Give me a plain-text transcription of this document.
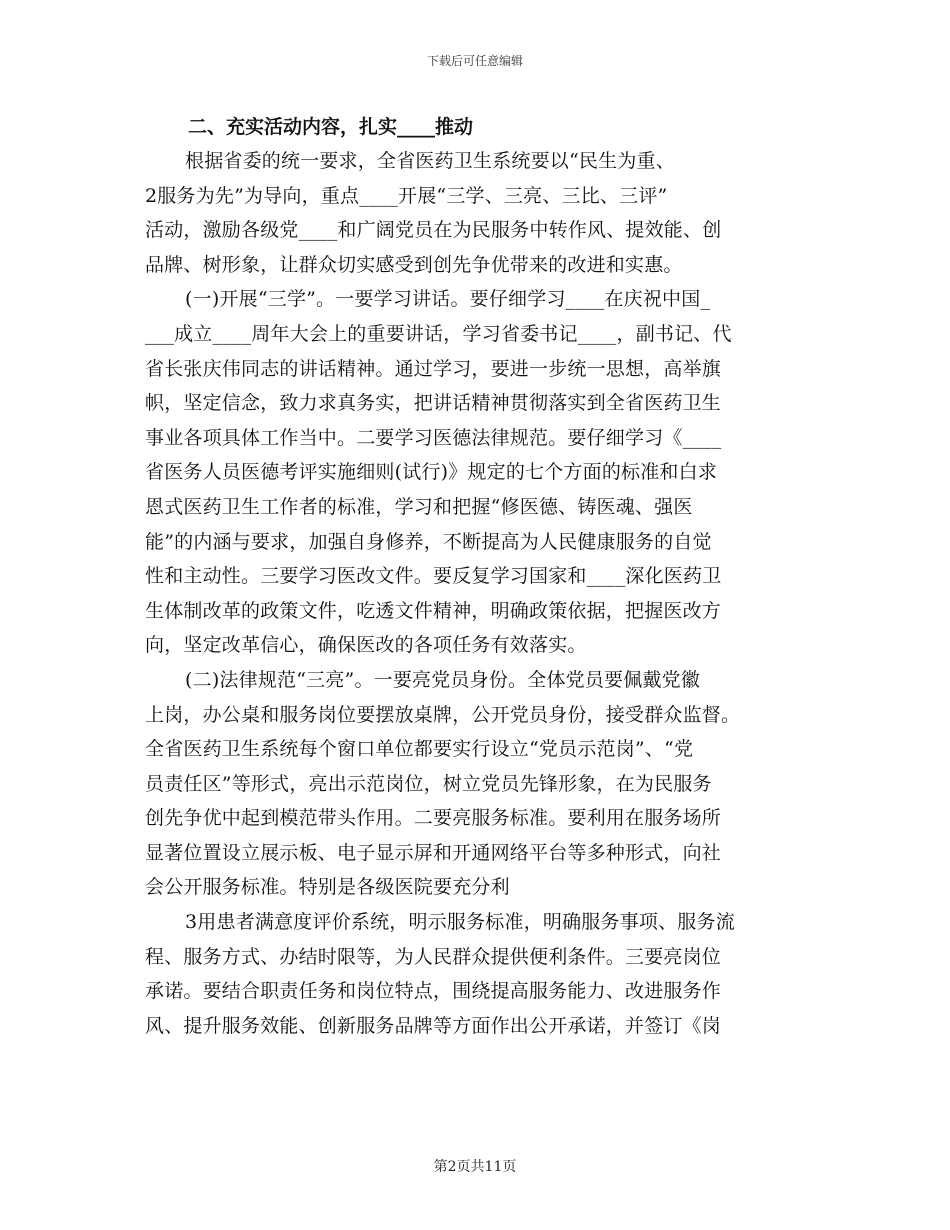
下载后可任意编辑
二、充实活动内容，扎实____推动
根据省委的统一要求，全省医药卫生系统要以“民生为重、
2服务为先”为导向，重点____开展“三学、三亮、三比、三评”
活动，激励各级党____和广阔党员在为民服务中转作风、提效能、创
品牌、树形象，让群众切实感受到创先争优带来的改进和实惠。
(一)开展“三学”。一要学习讲话。要仔细学习____在庆祝中国_
___成立____周年大会上的重要讲话，学习省委书记____，副书记、代
省长张庆伟同志的讲话精神。通过学习，要进一步统一思想，高举旗
帜，坚定信念，致力求真务实，把讲话精神贯彻落实到全省医药卫生
事业各项具体工作当中。二要学习医德法律规范。要仔细学习《____
省医务人员医德考评实施细则(试行)》规定的七个方面的标准和白求
恩式医药卫生工作者的标准，学习和把握“修医德、铸医魂、强医
能”的内涵与要求，加强自身修养，不断提高为人民健康服务的自觉
性和主动性。三要学习医改文件。要反复学习国家和____深化医药卫
生体制改革的政策文件，吃透文件精神，明确政策依据，把握医改方
向，坚定改革信心，确保医改的各项任务有效落实。
(二)法律规范“三亮”。一要亮党员身份。全体党员要佩戴党徽
上岗，办公桌和服务岗位要摆放桌牌，公开党员身份，接受群众监督。
全省医药卫生系统每个窗口单位都要实行设立“党员示范岗”、“党
员责任区”等形式，亮出示范岗位，树立党员先锋形象，在为民服务
创先争优中起到模范带头作用。二要亮服务标准。要利用在服务场所
显著位置设立展示板、电子显示屏和开通网络平台等多种形式，向社
会公开服务标准。特别是各级医院要充分利
3用患者满意度评价系统，明示服务标准，明确服务事项、服务流
程、服务方式、办结时限等，为人民群众提供便利条件。三要亮岗位
承诺。要结合职责任务和岗位特点，围绕提高服务能力、改进服务作
风、提升服务效能、创新服务品牌等方面作出公开承诺，并签订《岗
第2页共11页
